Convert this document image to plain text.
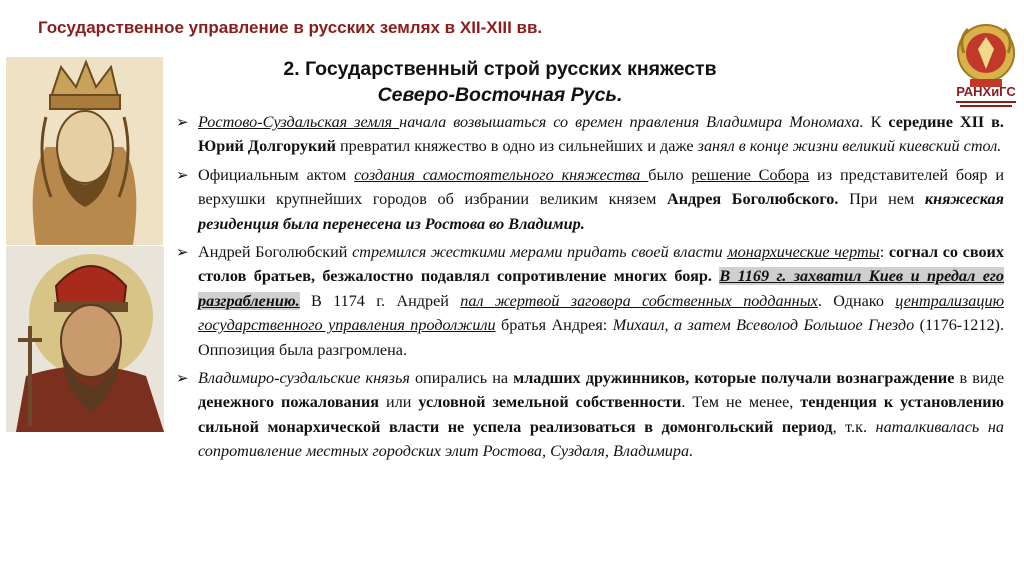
Государственное управление в русских землях в XII-XIII вв.
РАНХиГС
2. Государственный строй русских княжеств
Северо-Восточная Русь.

➢ Ростово-Суздальская земля начала возвышаться со времен правления Владимира Мономаха. К середине XII в. Юрий Долгорукий превратил княжество в одно из сильнейших и даже занял в конце жизни великий киевский стол.

➢ Официальным актом создания самостоятельного княжества было решение Собора из представителей бояр и верхушки крупнейших городов об избрании великим князем Андрея Боголюбского. При нем княжеская резиденция была перенесена из Ростова во Владимир.

➢ Андрей Боголюбский стремился жесткими мерами придать своей власти монархические черты: согнал со своих столов братьев, безжалостно подавлял сопротивление многих бояр. В 1169 г. захватил Киев и предал его разграблению. В 1174 г. Андрей пал жертвой заговора собственных подданных. Однако централизацию государственного управления продолжили братья Андрея: Михаил, а затем Всеволод Большое Гнездо (1176-1212). Оппозиция была разгромлена.

➢ Владимиро-суздальские князья опирались на младших дружинников, которые получали вознаграждение в виде денежного пожалования или условной земельной собственности. Тем не менее, тенденция к установлению сильной монархической власти не успела реализоваться в домонгольский период, т.к. наталкивалась на сопротивление местных городских элит Ростова, Суздаля, Владимира.
